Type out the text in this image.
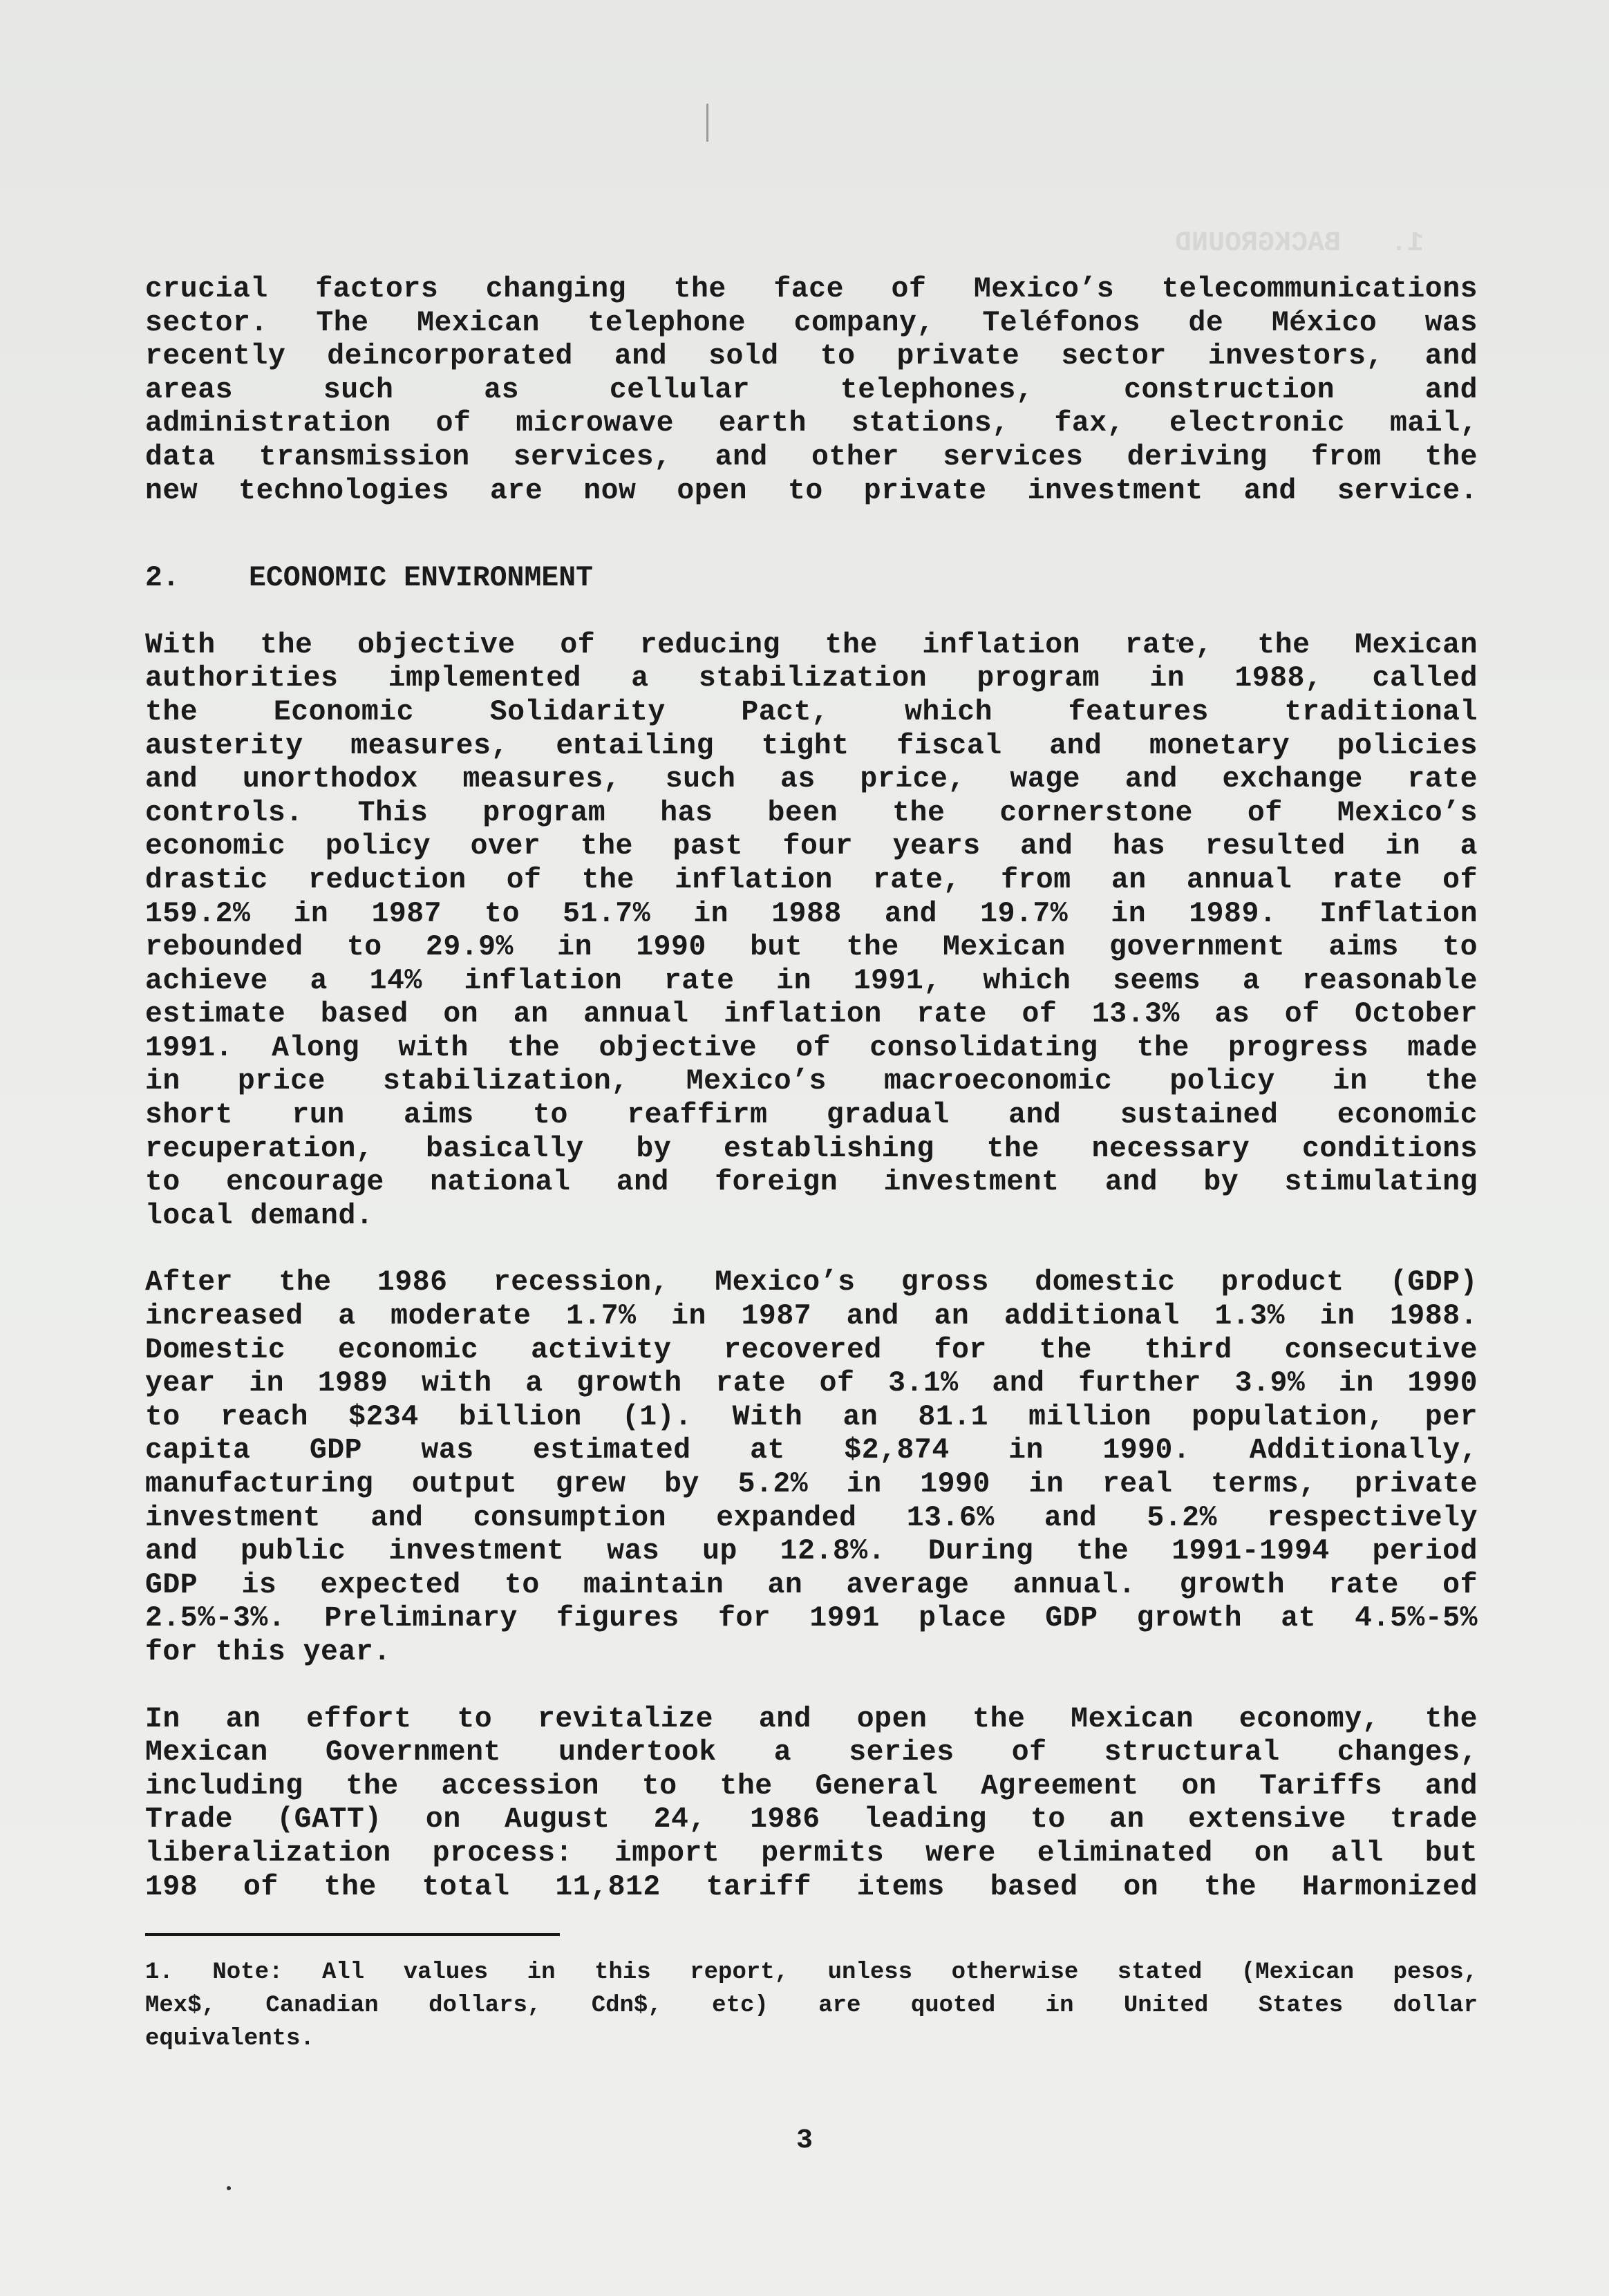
1.   BACKGROUND
crucial factors changing the face of Mexico’s telecommunications
sector. The Mexican telephone company, Teléfonos de México was
recently deincorporated and sold to private sector investors, and
areas such as cellular telephones, construction and
administration of microwave earth stations, fax, electronic mail,
data transmission services, and other services deriving from the
new technologies are now open to private investment and service.
2. ECONOMIC ENVIRONMENT
With the objective of reducing the inflation rate, the Mexican
authorities implemented a stabilization program in 1988, called
the Economic Solidarity Pact, which features traditional
austerity measures, entailing tight fiscal and monetary policies
and unorthodox measures, such as price, wage and exchange rate
controls. This program has been the cornerstone of Mexico’s
economic policy over the past four years and has resulted in a
drastic reduction of the inflation rate, from an annual rate of
159.2% in 1987 to 51.7% in 1988 and 19.7% in 1989. Inflation
rebounded to 29.9% in 1990 but the Mexican government aims to
achieve a 14% inflation rate in 1991, which seems a reasonable
estimate based on an annual inflation rate of 13.3% as of October
1991. Along with the objective of consolidating the progress made
in price stabilization, Mexico’s macroeconomic policy in the
short run aims to reaffirm gradual and sustained economic
recuperation, basically by establishing the necessary conditions
to encourage national and foreign investment and by stimulating
local demand.
After the 1986 recession, Mexico’s gross domestic product (GDP)
increased a moderate 1.7% in 1987 and an additional 1.3% in 1988.
Domestic economic activity recovered for the third consecutive
year in 1989 with a growth rate of 3.1% and further 3.9% in 1990
to reach $234 billion (1). With an 81.1 million population, per
capita GDP was estimated at $2,874 in 1990. Additionally,
manufacturing output grew by 5.2% in 1990 in real terms, private
investment and consumption expanded 13.6% and 5.2% respectively
and public investment was up 12.8%. During the 1991-1994 period
GDP is expected to maintain an average annual. growth rate of
2.5%-3%. Preliminary figures for 1991 place GDP growth at 4.5%-5%
for this year.
In an effort to revitalize and open the Mexican economy, the
Mexican Government undertook a series of structural changes,
including the accession to the General Agreement on Tariffs and
Trade (GATT) on August 24, 1986 leading to an extensive trade
liberalization process: import permits were eliminated on all but
198 of the total 11,812 tariff items based on the Harmonized
1. Note: All values in this report, unless otherwise stated (Mexican pesos,
Mex$, Canadian dollars, Cdn$, etc) are quoted in United States dollar
equivalents.
3
